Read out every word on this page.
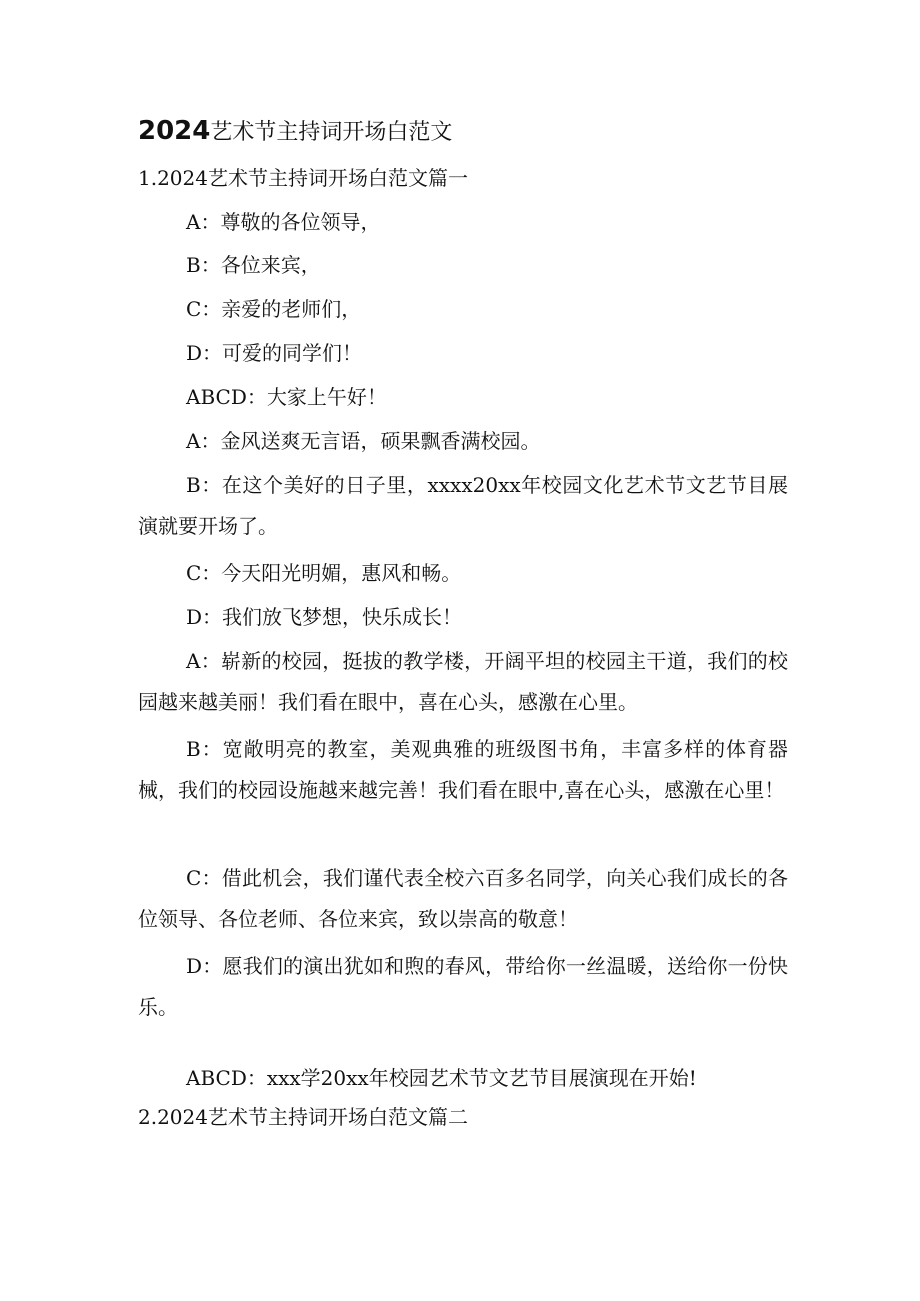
2024艺术节主持词开场白范文
1.2024艺术节主持词开场白范文篇一
A：尊敬的各位领导，
B：各位来宾，
C：亲爱的老师们，
D：可爱的同学们！
ABCD：大家上午好！
A：金风送爽无言语，硕果飘香满校园。
B：在这个美好的日子里，xxxx20xx年校园文化艺术节文艺节目展演就要开场了。
C：今天阳光明媚，惠风和畅。
D：我们放飞梦想，快乐成长！
A：崭新的校园，挺拔的教学楼，开阔平坦的校园主干道，我们的校园越来越美丽！我们看在眼中，喜在心头，感激在心里。
B：宽敞明亮的教室，美观典雅的班级图书角，丰富多样的体育器械，我们的校园设施越来越完善！我们看在眼中,喜在心头，感激在心里！
C：借此机会，我们谨代表全校六百多名同学，向关心我们成长的各位领导、各位老师、各位来宾，致以崇高的敬意！
D：愿我们的演出犹如和煦的春风，带给你一丝温暖，送给你一份快乐。
ABCD：xxx学20xx年校园艺术节文艺节目展演现在开始!
2.2024艺术节主持词开场白范文篇二
